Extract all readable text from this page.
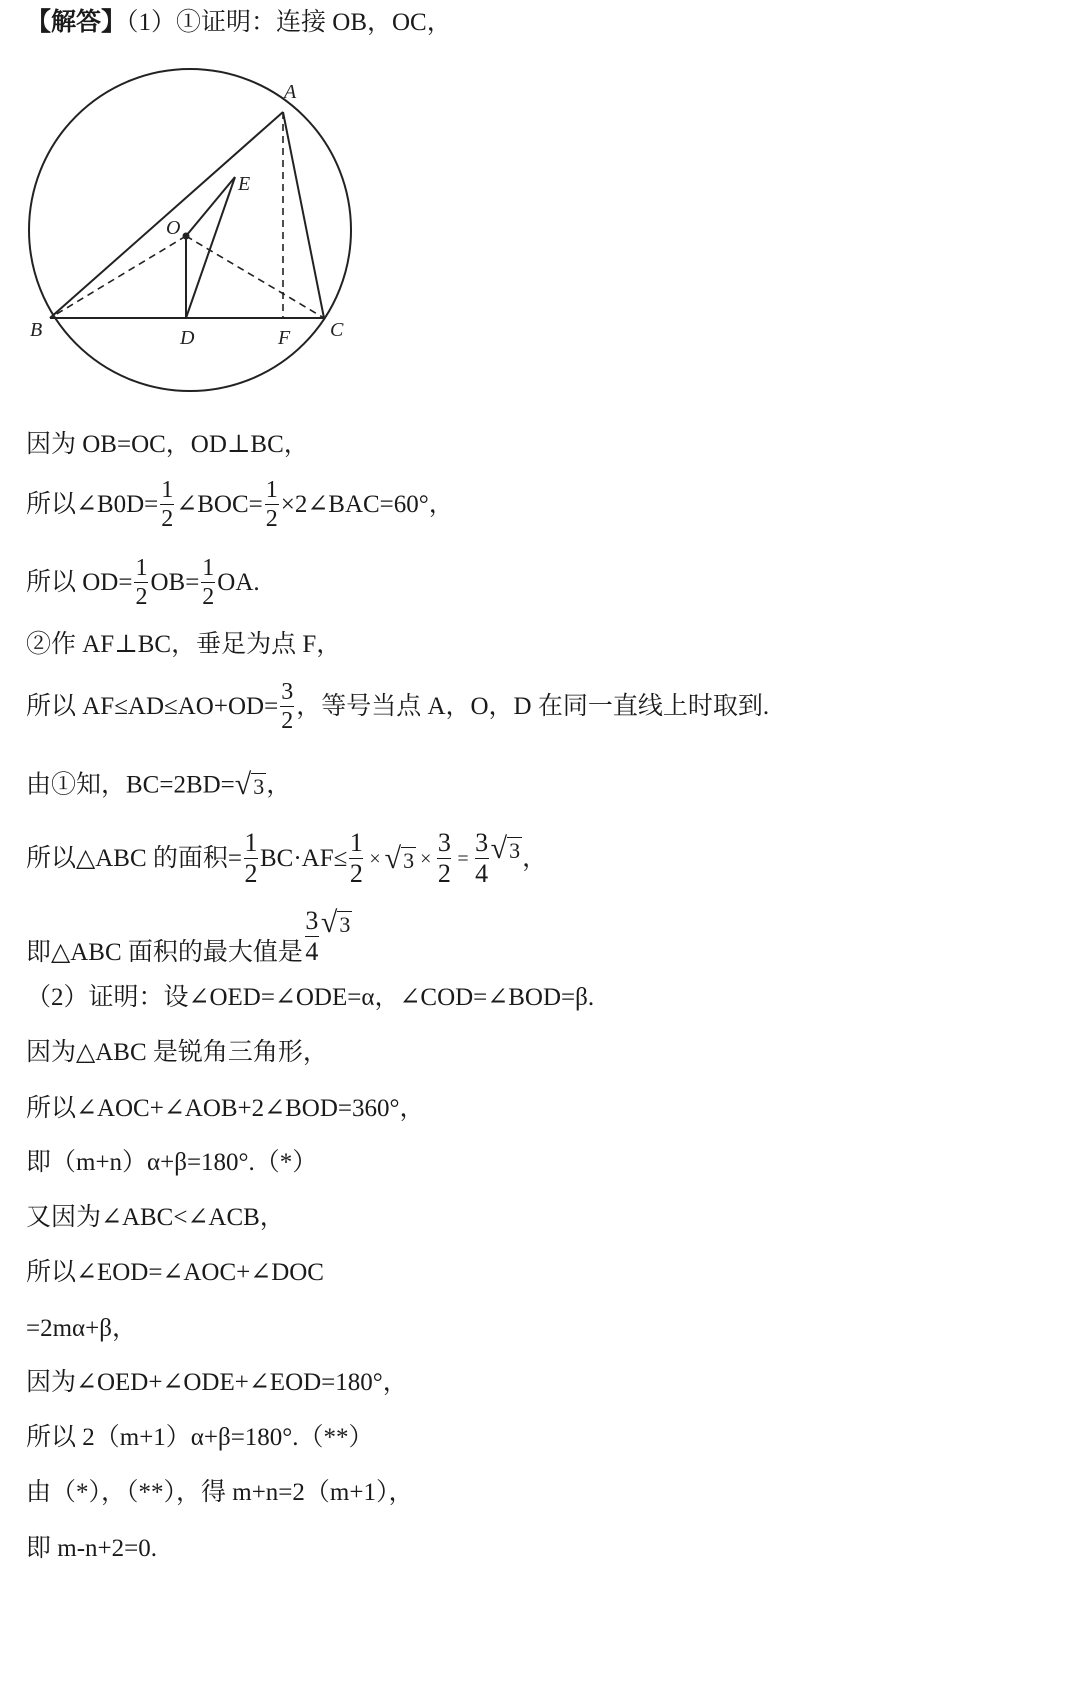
【解答】（1）①证明：连接 OB，OC，
A
E
O
B	D	F C
因为 OB=OC，OD⊥BC，
所以∠B0D= $\frac{1}{2}$ ∠BOC= $\frac{1}{2}$ ×2∠BAC=60°，
所以 $OD= \frac{1}{2} OB= \frac{1}{2}$ OA.
②作 AF⊥BC，垂足为点 F，
所以 $AF\le AD\le AO+OD= \frac{3}{2}$ ，等号当点 A，O，D 在同一直线上时取到.
由①知，BC=2BD=√3，
所以△ABC 的面积= $\frac{1}{2} BC\cdot AF\le \frac{1}{2} \times √3 \times \frac{3}{2} = \frac{3}{4} √3$，
即△ABC 面积的最大值是 $\frac{3}{4} √3$
（2）证明：设∠OED=∠ODE=α，∠COD=∠BOD=β.
因为△ABC 是锐角三角形，
所以∠AOC+∠AOB+2∠BOD=360°，
即（m+n）α+β=180°.（*）
又因为∠ABC<∠ACB，
所以∠EOD=∠AOC+∠DOC
=2mα+β，
因为∠OED+∠ODE+∠EOD=180°，
所以 2（m+1）α+β=180°.（**）
由（*），（**），得 m+n=2（m+1），
即 m-n+2=0.
